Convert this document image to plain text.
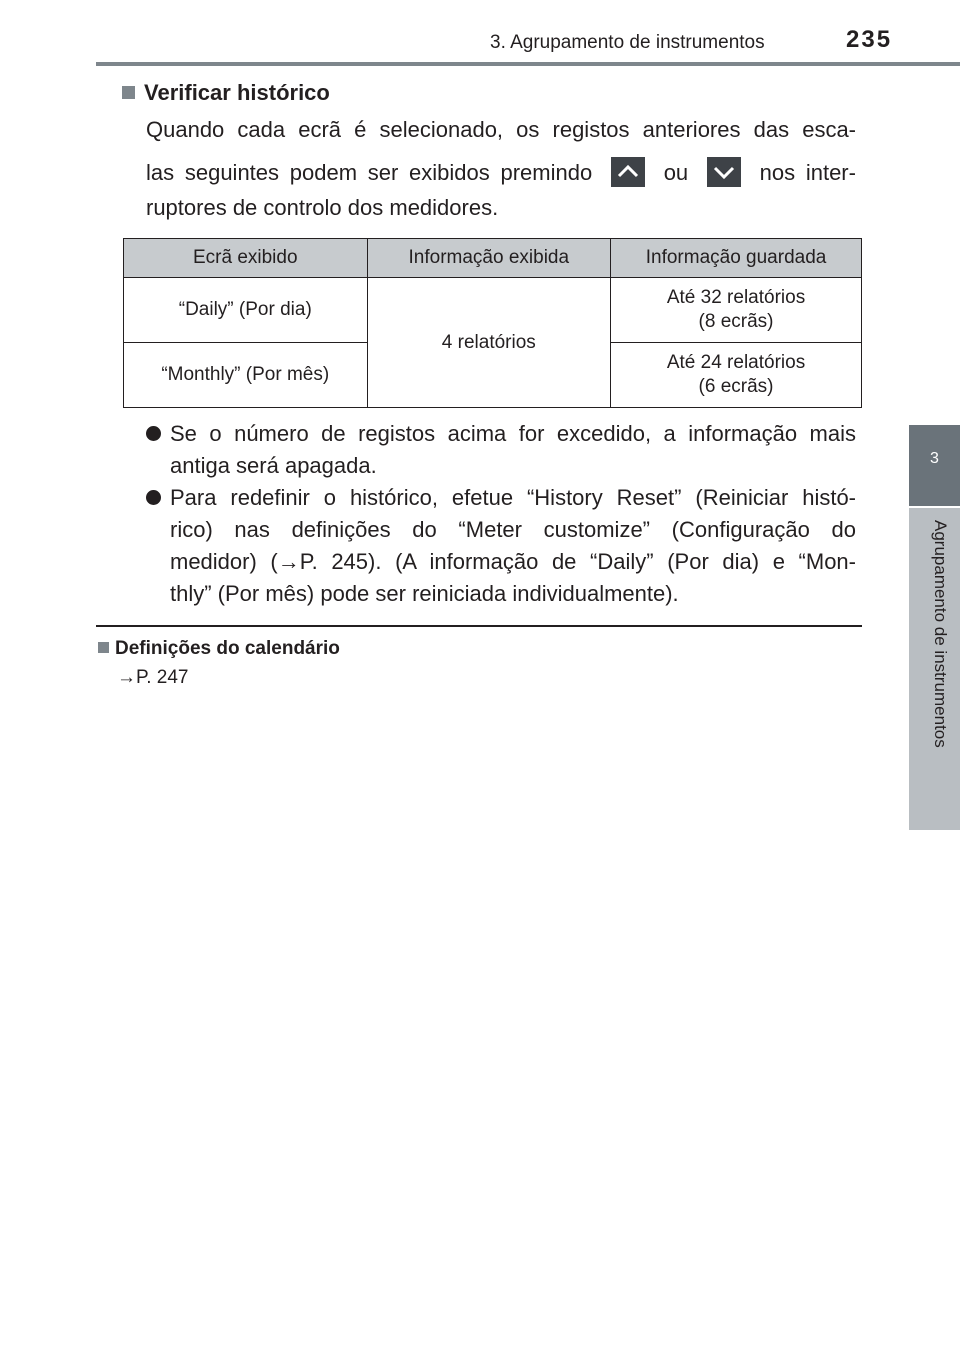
3. Agrupamento de instrumentos	235
3
Agrupamento de instrumentos
Verificar histórico
Quando cada ecrã é selecionado, os registos anteriores das esca-
las seguintes podem ser exibidos premindo	ou	nos inter-
ruptores de controlo dos medidores.
Ecrã exibido	Informação exibida	Informação guardada
“Daily” (Por dia)	4 relatórios	Até 32 relatórios
(8 ecrãs)

“Monthly” (Por mês)		Até 24 relatórios
(6 ecrãs)
Se o número de registos acima for excedido, a informação mais
antiga será apagada.
Para redefinir o histórico, efetue “History Reset” (Reiniciar histó-
rico) nas definições do “Meter customize” (Configuração do
medidor) (→P. 245). (A informação de “Daily” (Por dia) e “Mon-
thly” (Por mês) pode ser reiniciada individualmente).
Definições do calendário
→P. 247
